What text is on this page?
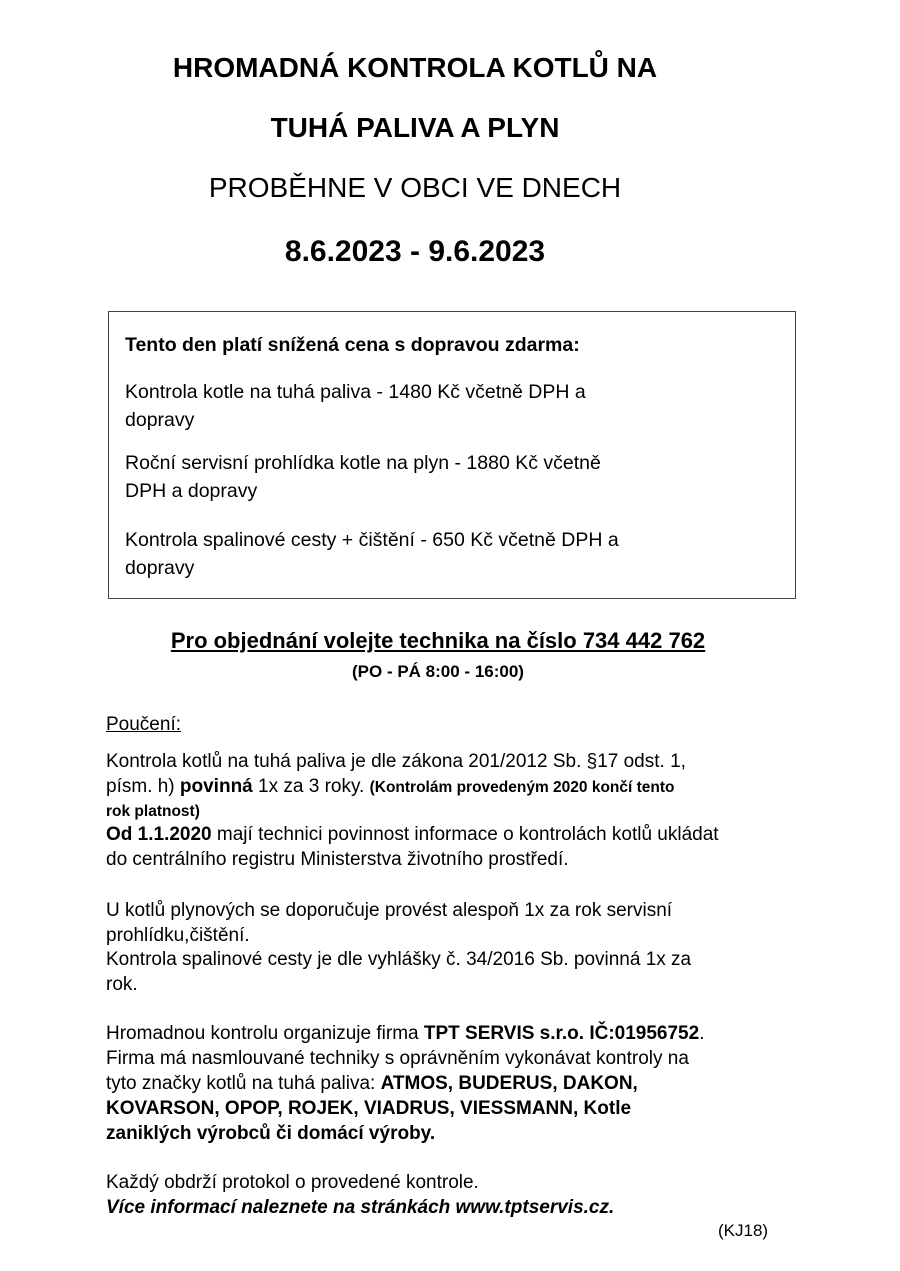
HROMADNÁ KONTROLA KOTLŮ NA
TUHÁ PALIVA A PLYN
PROBĚHNE V OBCI VE DNECH
8.6.2023 - 9.6.2023
Tento den platí snížená cena s dopravou zdarma:
Kontrola kotle na tuhá paliva - 1480 Kč včetně DPH a
dopravy
Roční servisní prohlídka kotle na plyn - 1880 Kč včetně
DPH a dopravy
Kontrola spalinové cesty + čištění - 650 Kč včetně DPH a
dopravy
Pro objednání volejte technika na číslo 734 442 762
(PO - PÁ 8:00 - 16:00)
Poučení:
Kontrola kotlů na tuhá paliva je dle zákona 201/2012 Sb. §17 odst. 1,
písm. h) povinná 1x za 3 roky. (Kontrolám provedeným 2020 končí tento
rok platnost)
Od 1.1.2020 mají technici povinnost informace o kontrolách kotlů ukládat
do centrálního registru Ministerstva životního prostředí.
U kotlů plynových se doporučuje provést alespoň 1x za rok servisní
prohlídku,čištění.
Kontrola spalinové cesty je dle vyhlášky č. 34/2016 Sb. povinná 1x za
rok.
Hromadnou kontrolu organizuje firma TPT SERVIS s.r.o. IČ:01956752.
Firma má nasmlouvané techniky s oprávněním vykonávat kontroly na
tyto značky kotlů na tuhá paliva: ATMOS, BUDERUS, DAKON,
KOVARSON, OPOP, ROJEK, VIADRUS, VIESSMANN, Kotle
zaniklých výrobců či domácí výroby.
Každý obdrží protokol o provedené kontrole.
Více informací naleznete na stránkách www.tptservis.cz.
(KJ18)
